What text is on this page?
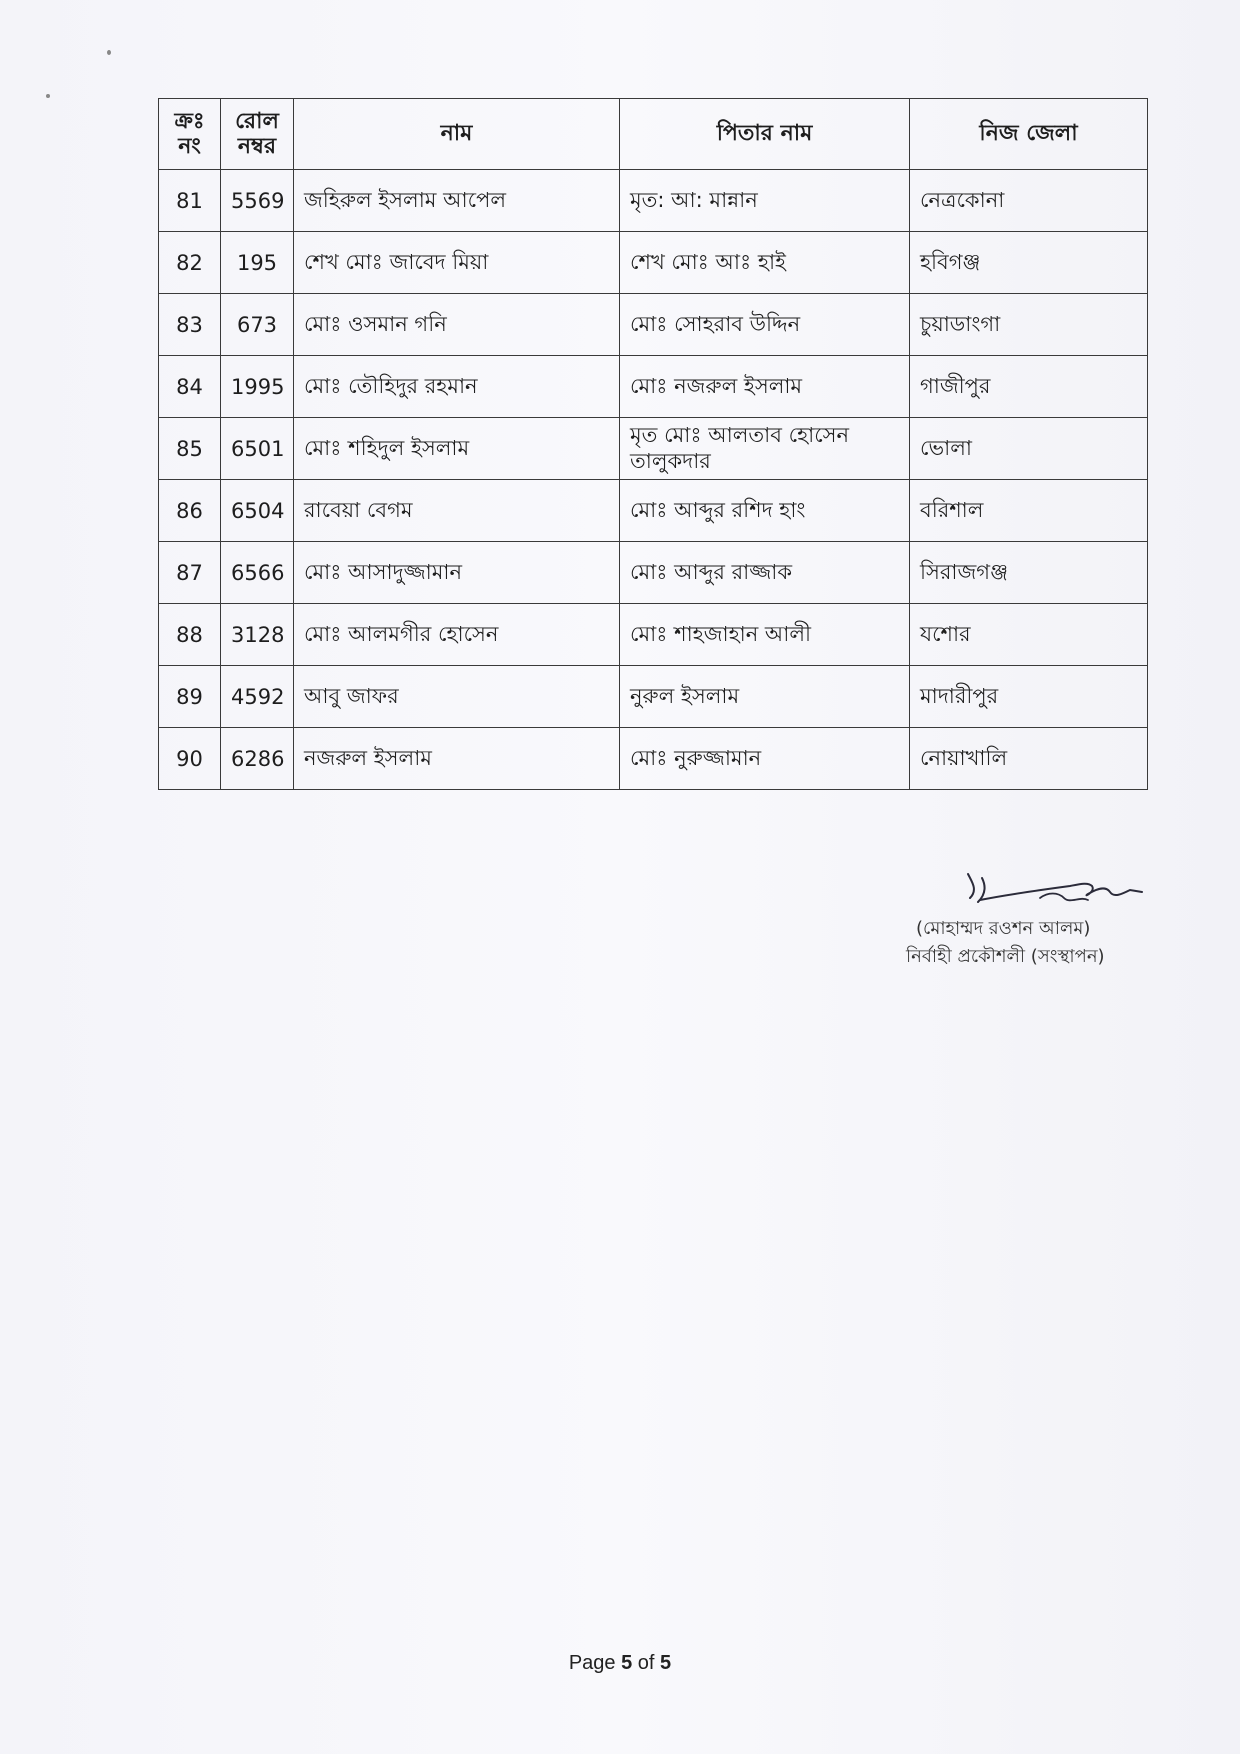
ক্রঃ নং	রোল নম্বর	নাম	পিতার নাম	নিজ জেলা
81	5569	জহিরুল ইসলাম আপেল	মৃত: আ: মান্নান	নেত্রকোনা
82	195	শেখ মোঃ জাবেদ মিয়া	শেখ মোঃ আঃ হাই	হবিগঞ্জ
83	673	মোঃ ওসমান গনি	মোঃ সোহরাব উদ্দিন	চুয়াডাংগা
84	1995	মোঃ তৌহিদুর রহমান	মোঃ নজরুল ইসলাম	গাজীপুর
85	6501	মোঃ শহিদুল ইসলাম	মৃত মোঃ আলতাব হোসেন তালুকদার	ভোলা
86	6504	রাবেয়া বেগম	মোঃ আব্দুর রশিদ হাং	বরিশাল
87	6566	মোঃ আসাদুজ্জামান	মোঃ আব্দুর রাজ্জাক	সিরাজগঞ্জ
88	3128	মোঃ আলমগীর হোসেন	মোঃ শাহজাহান আলী	যশোর
89	4592	আবু জাফর	নুরুল ইসলাম	মাদারীপুর
90	6286	নজরুল ইসলাম	মোঃ নুরুজ্জামান	নোয়াখালি
(মোহাম্মদ রওশন আলম)
নির্বাহী প্রকৌশলী (সংস্থাপন)
Page 5 of 5
